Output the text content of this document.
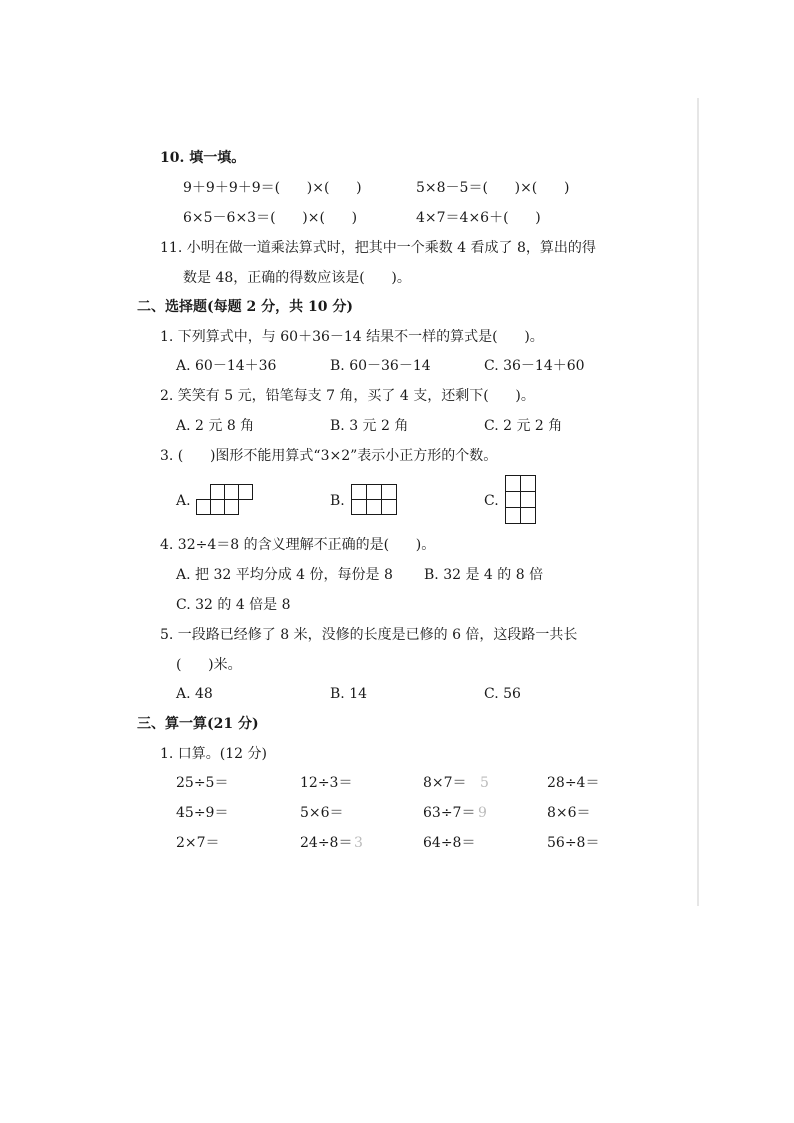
10. 填一填。
9＋9＋9＋9＝(      )×(      )	5×8－5＝(      )×(      )
6×5－6×3＝(      )×(      )	4×7＝4×6＋(      )
11. 小明在做一道乘法算式时，把其中一个乘数 4 看成了 8，算出的得
数是 48，正确的得数应该是(      )。
二、选择题(每题 2 分，共 10 分)
1. 下列算式中，与 60＋36－14 结果不一样的算式是(      )。
A. 60－14＋36	B. 60－36－14	C. 36－14＋60
2. 笑笑有 5 元，铅笔每支 7 角，买了 4 支，还剩下(      )。
A. 2 元 8 角	B. 3 元 2 角	C. 2 元 2 角
3. (      )图形不能用算式“3×2”表示小正方形的个数。
A.	B.	C.
4. 32÷4＝8 的含义理解不正确的是(      )。
A. 把 32 平均分成 4 份，每份是 8 B. 32 是 4 的 8 倍
C. 32 的 4 倍是 8
5. 一段路已经修了 8 米，没修的长度是已修的 6 倍，这段路一共长
(      )米。
A. 48	B. 14	C. 56
三、算一算(21 分)
1. 口算。(12 分)
25÷5＝	12÷3＝	8×7＝ 5	28÷4＝
45÷9＝	5×6＝	63÷7＝ 9	8×6＝
2×7＝	24÷8＝ 3	64÷8＝	56÷8＝
